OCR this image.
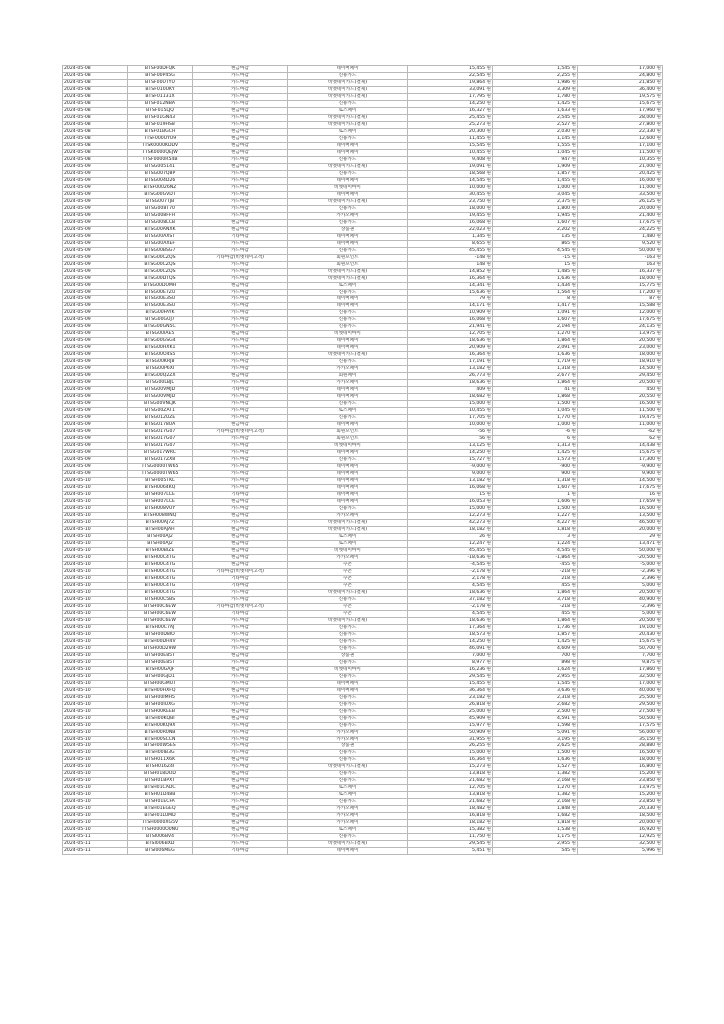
2024-05-08	BTSF00DFQK	현금마감	네이버페이	15,455 원	1,545 원	17,000 원
2024-05-08	BTSF00P45G	카드마감	신용카드	22,545 원	2,255 원	24,800 원
2024-05-08	BTSF00UTYU	카드마감	비엣테이카드(결제)	19,864 원	1,986 원	21,850 원
2024-05-08	BTSF010UKY	카드마감	비엣테이카드(결제)	33,091 원	3,309 원	36,400 원
2024-05-08	BTSF01131X	카드마감	비엣테이카드(결제)	17,795 원	1,780 원	19,575 원
2024-05-08	BTSF012NBA	카드마감	신용카드	14,250 원	1,425 원	15,675 원
2024-05-08	BTSF015LJQ	현금마감	토스페이	16,327 원	1,633 원	17,960 원
2024-05-08	BTSF01GN43	카드마감	비엣테이카드(결제)	25,455 원	2,545 원	28,000 원
2024-05-08	BTSF019HS8	카드마감	비엣테이카드(결제)	25,273 원	2,527 원	27,800 원
2024-05-08	BTSF01BGCH	현금마감	토스페이	20,300 원	2,030 원	22,330 원
2024-05-08	TTSF000UYU9	현금마감	신용카드	11,455 원	1,145 원	12,600 원
2024-05-08	TTSK0000KDDV	현금마감	네이버페이	15,545 원	1,555 원	17,100 원
2024-05-08	TTSK0000QEJW	현금마감	네이버페이	10,455 원	1,045 원	11,500 원
2024-05-08	TTSF0000R54B	카드마감	신용카드	9,408 원	947 원	10,355 원
2024-05-09	BTSG005141	현금마감	비엣테이카드(결제)	19,091 원	1,909 원	21,000 원
2024-05-09	BTSG007Q8P	카드마감	신용카드	18,568 원	1,857 원	20,425 원
2024-05-09	BTSG004D26	카드마감	네이버페이	14,545 원	1,455 원	16,000 원
2024-05-09	BTSF00026NZ	카드마감	비엣테이마이	10,000 원	1,000 원	11,000 원
2024-05-09	BTSG00GVDT	카드마감	네이버페이	30,455 원	3,045 원	33,500 원
2024-05-09	BTSG007TJB	카드마감	비엣테이카드(결제)	23,750 원	2,375 원	26,125 원
2024-05-09	BTSG008T70	카드마감	신용카드	18,000 원	1,800 원	20,000 원
2024-05-09	BTSG008FFH	카드마감	카카오페이	19,455 원	1,945 원	21,400 원
2024-05-09	BTSG008LCB	현금마감	신용카드	16,068 원	1,607 원	17,675 원
2024-05-09	BTSG00ANXK	현금마감	상품권	22,023 원	2,202 원	24,225 원
2024-05-09	BTSG00AXST	기타마감	네이버페이	1,345 원	135 원	1,480 원
2024-05-09	BTSG00AXEF	카드마감	네이버페이	8,655 원	865 원	9,520 원
2024-05-09	BTSG00BSG7	카드마감	신용카드	45,455 원	4,545 원	50,000 원
2024-05-09	BTSG00CZQS	기타마감(비엣테이고객)	회원포인트	-148 원	-15 원	-163 원
2024-05-09	BTSG00CZQS	카드마감	회원포인트	148 원	15 원	163 원
2024-05-09	BTSG00CZQS	카드마감	비엣테이카드(결제)	14,852 원	1,485 원	16,337 원
2024-05-09	BTSG00DTQS	카드마감	비엣테이카드(결제)	16,364 원	1,636 원	18,000 원
2024-05-09	BTSG00DUMH	현금마감	토스페이	14,341 원	1,434 원	15,775 원
2024-05-09	BTSG00E7ZU	카드마감	신용카드	15,636 원	1,564 원	17,200 원
2024-05-09	BTSG00E3SU	카드마감	네이버페이	79 원	8 원	87 원
2024-05-09	BTSG00E3SU	카드마감	네이버페이	14,171 원	1,417 원	15,588 원
2024-05-09	BTSG00FAYK	카드마감	신용카드	10,909 원	1,091 원	12,000 원
2024-05-09	BTSG00GUJ7	카드마감	신용카드	16,068 원	1,607 원	17,675 원
2024-05-09	BTSG00GN5C	카드마감	신용카드	21,941 원	2,194 원	24,135 원
2024-05-09	BTSG00IAE5	현금마감	비엣테이마이	12,705 원	1,270 원	13,975 원
2024-05-09	BTSG00GSG4	카드마감	네이버페이	18,636 원	1,864 원	20,500 원
2024-05-09	BTSG00HXK1	카드마감	네이버페이	20,909 원	2,091 원	23,000 원
2024-05-09	BTSG00O4S5	카드마감	비엣테이카드(결제)	16,364 원	1,636 원	18,000 원
2024-05-09	BTSG00KRJ8	카드마감	신용카드	17,191 원	1,719 원	18,910 원
2024-05-09	BTSG00P6XI	카드마감	카카오페이	13,182 원	1,318 원	14,500 원
2024-05-09	BTSG00Q2ZX	현금마감	회원페이	26,773 원	2,677 원	29,450 원
2024-05-09	BTSG00LBJL	카드마감	카카오페이	18,636 원	1,864 원	20,500 원
2024-05-09	BTSG00VMJD	기타마감	네이버페이	409 원	41 원	450 원
2024-05-09	BTSG00VMJD	카드마감	네이버페이	18,682 원	1,868 원	20,550 원
2024-05-09	BTSG00VNLJK	카드마감	신용카드	15,000 원	1,500 원	16,500 원
2024-05-09	BTSG00ZAT1	카드마감	토스페이	10,455 원	1,045 원	11,500 원
2024-05-09	BTSG012UZE	카드마감	신용카드	17,705 원	1,770 원	19,475 원
2024-05-09	BTSG0178UA	현금마감	네이버페이	10,000 원	1,000 원	11,000 원
2024-05-09	BTSG017G07	기타마감(비엣테이고객)	회원포인트	-56 원	-6 원	-62 원
2024-05-09	BTSG017G07	카드마감	회원포인트	56 원	6 원	62 원
2024-05-09	BTSG017G07	카드마감	비엣테이마이	13,125 원	1,313 원	14,438 원
2024-05-09	BTSG017WRC	카드마감	네이버페이	14,250 원	1,425 원	15,675 원
2024-05-09	BTSG017ZX8	카드마감	신용카드	15,727 원	1,573 원	17,300 원
2024-05-09	TTSG0000TW65	카드마감	네이버페이	-9,000 원	-900 원	-9,900 원
2024-05-09	TTSG0000TW65	카드마감	네이버페이	9,000 원	900 원	9,900 원
2024-05-10	BTSH005TKL	카드마감	네이버페이	13,182 원	1,318 원	14,500 원
2024-05-10	BTSH0064KQ	카드마감	네이버페이	16,068 원	1,607 원	17,675 원
2024-05-10	BTSH007LCE	기타마감	네이버페이	15 원	1 원	16 원
2024-05-10	BTSH007LCE	현금마감	네이버페이	16,053 원	1,606 원	17,659 원
2024-05-10	BTSH008VUY	카드마감	신용카드	15,000 원	1,500 원	16,500 원
2024-05-10	BTSH008WNQ	현금마감	카카오페이	12,273 원	1,227 원	13,500 원
2024-05-10	BTSH00AJ7Z	카드마감	비엣테이카드(결제)	42,273 원	4,227 원	46,500 원
2024-05-10	BTSH00AJAH	현금마감	비엣테이카드(결제)	18,182 원	1,818 원	20,000 원
2024-05-10	BTSH00AJ2	현금마감	토스페이	26 원	3 원	29 원
2024-05-10	BTSH00AJ2	현금마감	토스페이	12,247 원	1,224 원	13,471 원
2024-05-10	BTSH00BIZE	현금마감	비엣테이마이	45,455 원	4,545 원	50,000 원
2024-05-10	BTSH00C4TG	현금마감	카카오페이	-18,636 원	-1,864 원	-20,500 원
2024-05-10	BTSH00C4TG	현금마감	쿠폰	-4,545 원	-455 원	-5,000 원
2024-05-10	BTSH00C4TG	기타마감(비엣테이고객)	쿠폰	-2,178 원	-218 원	-2,396 원
2024-05-10	BTSH00C4TG	기타마감	쿠폰	2,178 원	218 원	2,396 원
2024-05-10	BTSH00C4TG	기타마감	쿠폰	4,545 원	455 원	5,000 원
2024-05-10	BTSH00C4TG	카드마감	비엣테이카드(결제)	18,636 원	1,864 원	20,500 원
2024-05-10	BTSH00C5BS	카드마감	신용카드	37,182 원	3,718 원	40,900 원
2024-05-10	BTSH00C6EW	기타마감(비엣테이고객)	쿠폰	-2,178 원	-218 원	-2,396 원
2024-05-10	BTSH00C6EW	기타마감	쿠폰	4,545 원	455 원	5,000 원
2024-05-10	BTSH00C6EW	카드마감	비엣테이카드(결제)	18,636 원	1,864 원	20,500 원
2024-05-10	BTSH00C7AJ	카드마감	신용카드	17,364 원	1,736 원	19,100 원
2024-05-10	BTSH00D8IO	카드마감	신용카드	18,573 원	1,857 원	20,430 원
2024-05-10	BTSH00DH4V	카드마감	신용카드	14,250 원	1,425 원	15,675 원
2024-05-10	BTSH00D29W	카드마감	신용카드	46,091 원	4,609 원	50,700 원
2024-05-10	BTSH00E85T	현금마감	상품권	7,000 원	700 원	7,700 원
2024-05-10	BTSH00E85T	카드마감	신용카드	8,977 원	898 원	9,875 원
2024-05-10	BTSH00GAJF	현금마감	비엣테이마이	16,236 원	1,624 원	17,860 원
2024-05-10	BTSH00GJD1	카드마감	신용카드	29,545 원	2,955 원	32,500 원
2024-05-10	BTSH00GMUT	카드마감	네이버페이	15,455 원	1,545 원	17,000 원
2024-05-10	BTSH00HXFQ	현금마감	네이버페이	36,364 원	3,636 원	40,000 원
2024-05-10	BTSH00IMH5	카드마감	신용카드	23,182 원	2,318 원	25,500 원
2024-05-10	BTSH00IUXG	카드마감	신용카드	26,818 원	2,682 원	29,500 원
2024-05-10	BTSH00KEEB	현금마감	신용카드	25,000 원	2,500 원	27,500 원
2024-05-10	BTSH00KQBI	현금마감	신용카드	45,909 원	4,591 원	50,500 원
2024-05-10	BTSH00KQ9X	카드마감	신용카드	15,977 원	1,598 원	17,575 원
2024-05-10	BTSH00R0NB	카드마감	카카오페이	50,909 원	5,091 원	56,000 원
2024-05-10	BTSH00SCCN	카드마감	카카오페이	31,955 원	3,195 원	35,150 원
2024-05-10	BTSH00W5ES	카드마감	상품권	26,255 원	2,625 원	28,880 원
2024-05-10	BTSH00IB3G	카드마감	신용카드	15,000 원	1,500 원	16,500 원
2024-05-10	BTSH011X6K	현금마감	신용카드	16,364 원	1,636 원	18,000 원
2024-05-10	BTSH016Z4I	카드마감	비엣테이카드(결제)	15,273 원	1,527 원	16,800 원
2024-05-10	BTSH018DOD	현금마감	신용카드	13,818 원	1,382 원	15,200 원
2024-05-10	BTSH01BPXT	현금마감	신용카드	21,682 원	2,168 원	23,850 원
2024-05-10	BTSH01CADC	현금마감	토스페이	12,705 원	1,270 원	13,975 원
2024-05-10	BTSH01D48B	카드마감	토스페이	13,818 원	1,382 원	15,200 원
2024-05-10	BTSH01ECFA	카드마감	신용카드	21,682 원	2,168 원	23,850 원
2024-05-10	BTSH01EGEQ	현금마감	카카오페이	18,482 원	1,848 원	20,330 원
2024-05-10	BTSH01LUMD	현금마감	카카오페이	16,818 원	1,682 원	18,500 원
2024-05-10	TTSH0000XG5V	현금마감	카카오페이	18,182 원	1,818 원	20,000 원
2024-05-10	TTSH0000O0NU	현금마감	토스페이	15,382 원	1,538 원	16,920 원
2024-05-11	BTSI006BV4	카드마감	신용카드	11,750 원	1,175 원	12,925 원
2024-05-11	BTSI006BXD	카드마감	비엣테이카드(결제)	29,545 원	2,955 원	32,500 원
2024-05-11	BTSI006MEG	기타마감	네이버페이	5,451 원	545 원	5,996 원
